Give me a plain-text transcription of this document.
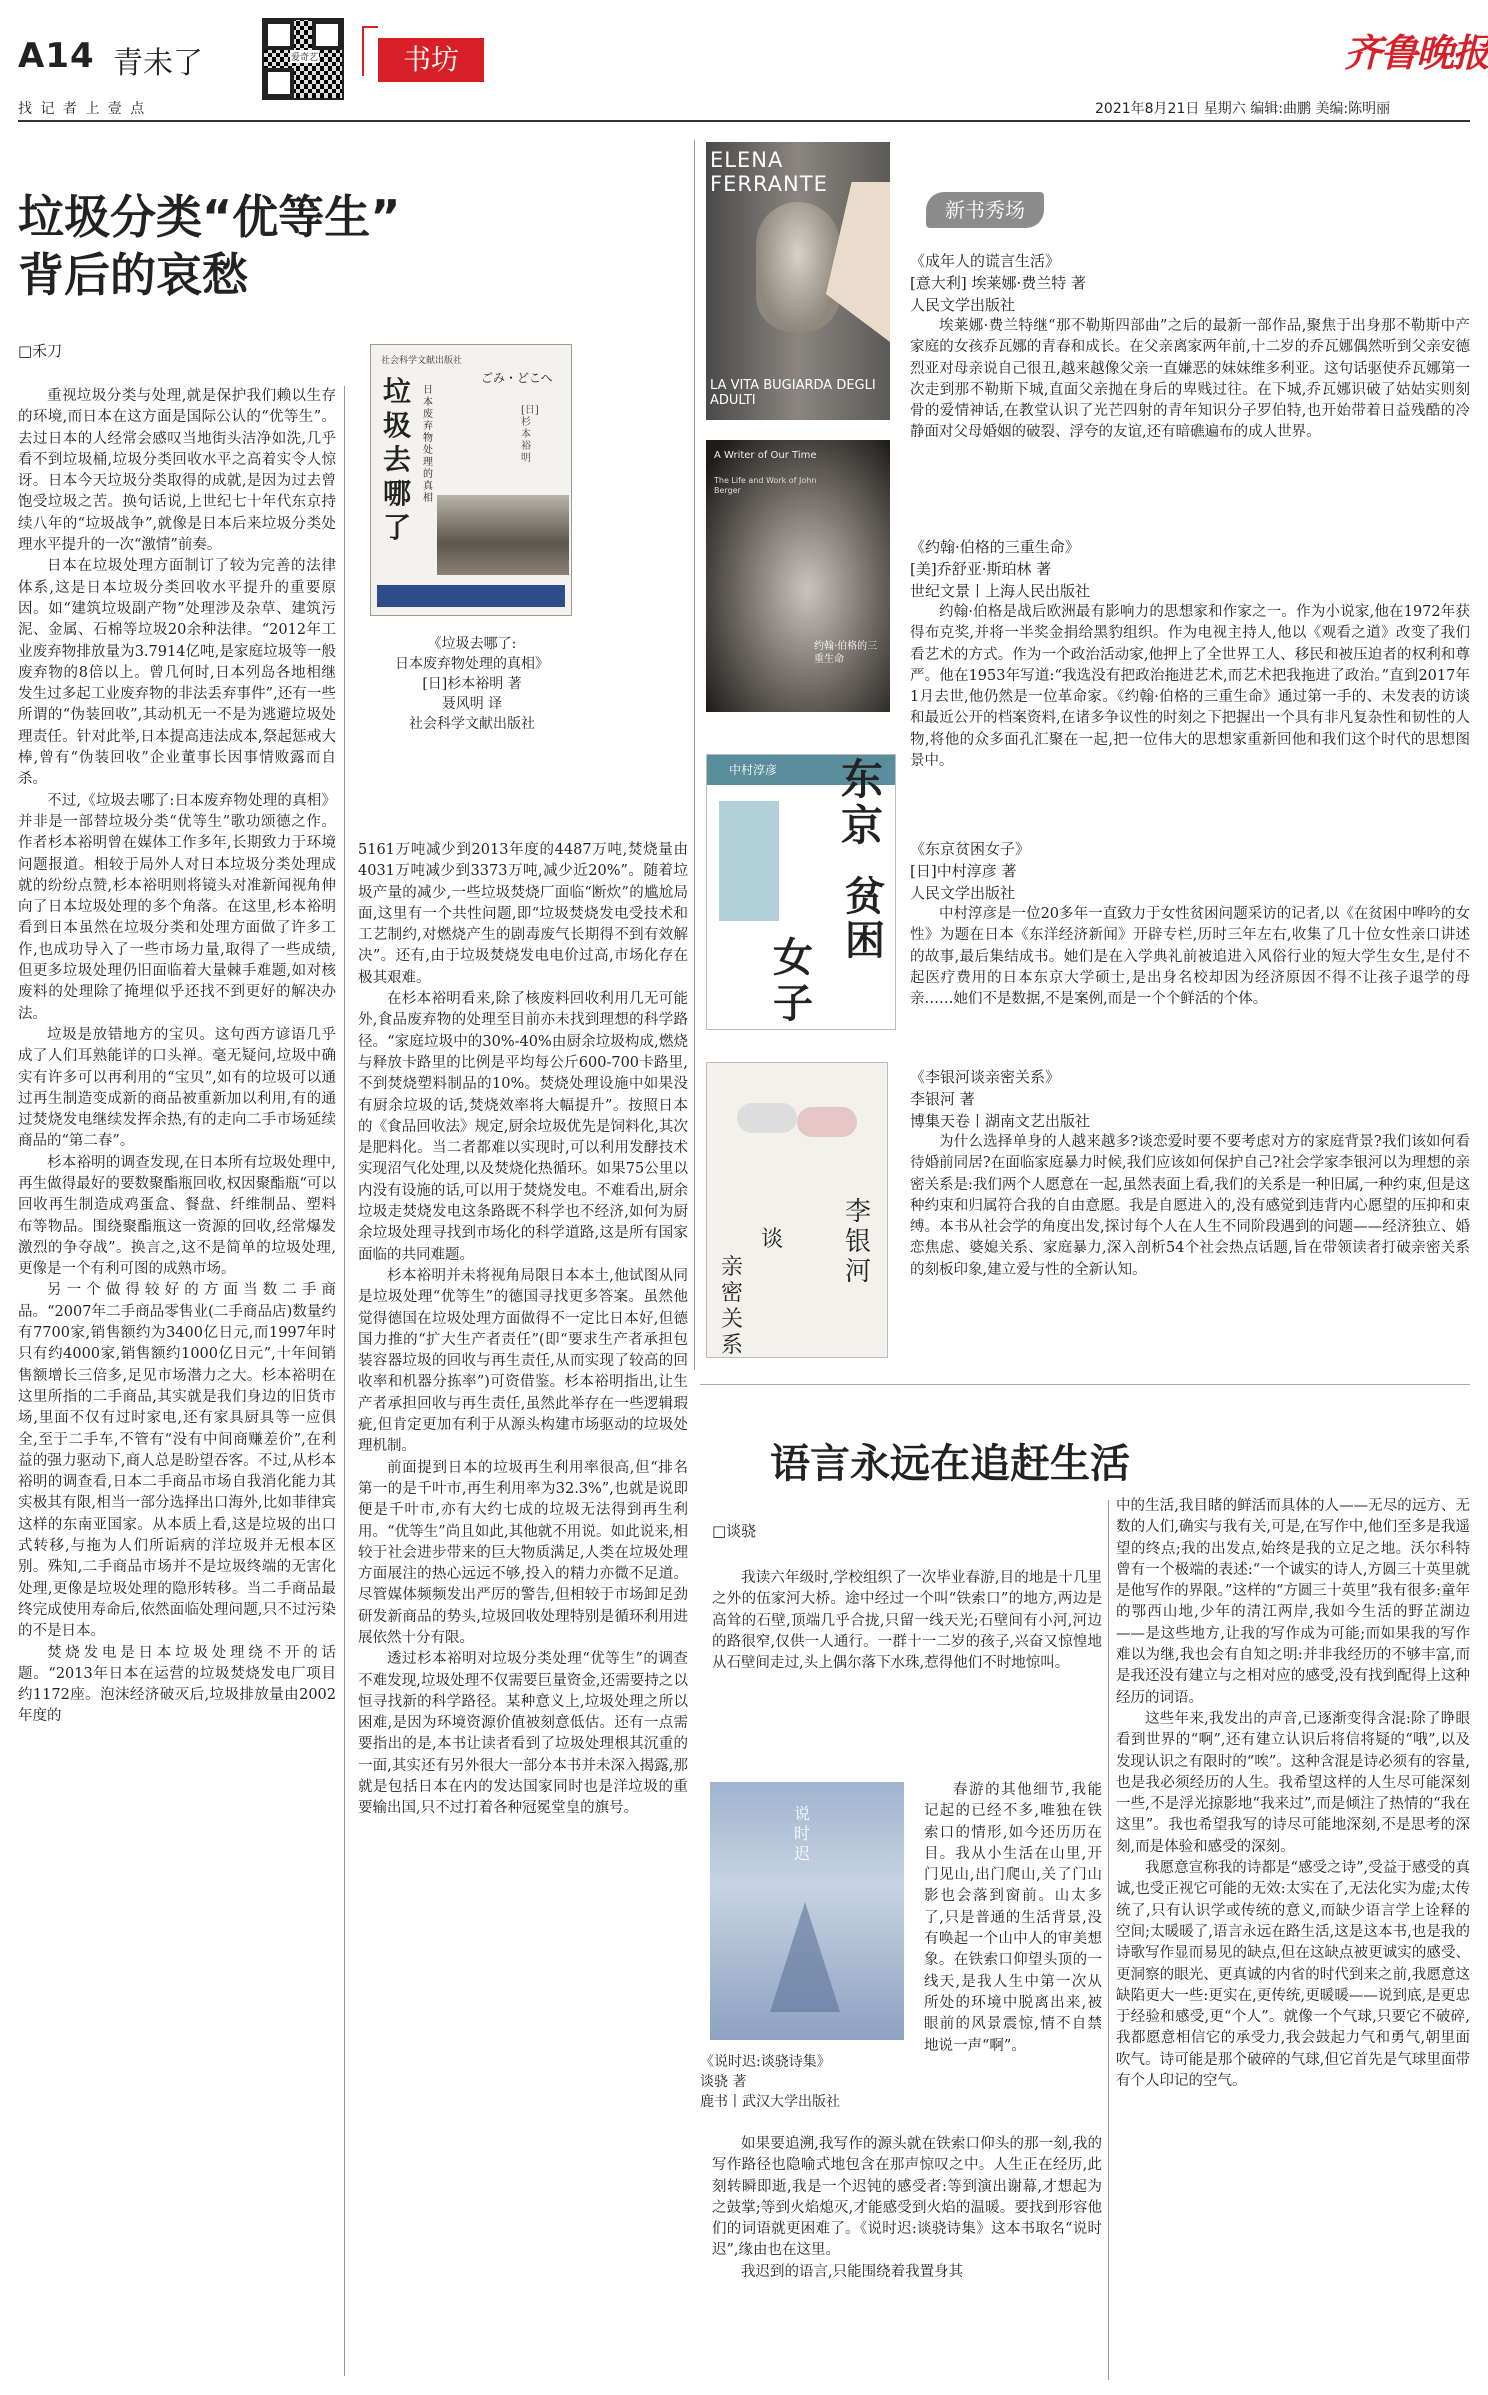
A14 青未了
找 记 者 上 壹 点
爱奇艺	书坊	齐鲁晚报
2021年8月21日 星期六 编辑:曲鹏 美编:陈明丽
垃圾分类“优等生”
背后的哀愁
□禾刀
社会科学文献出版社
垃圾去哪了
日本废弃物处理的真相
ごみ・どこへ
[日]杉本裕明
《垃圾去哪了:
日本废弃物处理的真相》
[日]杉本裕明 著
聂风明 译
社会科学文献出版社

重视垃圾分类与处理,就是保护我们赖以生存的环境,而日本在这方面是国际公认的“优等生”。去过日本的人经常会感叹当地街头洁净如洗,几乎看不到垃圾桶,垃圾分类回收水平之高着实令人惊讶。日本今天垃圾分类取得的成就,是因为过去曾饱受垃圾之苦。换句话说,上世纪七十年代东京持续八年的“垃圾战争”,就像是日本后来垃圾分类处理水平提升的一次“激情”前奏。

日本在垃圾处理方面制订了较为完善的法律体系,这是日本垃圾分类回收水平提升的重要原因。如“建筑垃圾副产物”处理涉及杂草、建筑污泥、金属、石棉等垃圾20余种法律。“2012年工业废弃物排放量为3.7914亿吨,是家庭垃圾等一般废弃物的8倍以上。曾几何时,日本列岛各地相继发生过多起工业废弃物的非法丢弃事件”,还有一些所谓的“伪装回收”,其动机无一不是为逃避垃圾处理责任。针对此举,日本提高违法成本,祭起惩戒大棒,曾有“伪装回收”企业董事长因事情败露而自杀。

不过,《垃圾去哪了:日本废弃物处理的真相》并非是一部替垃圾分类“优等生”歌功颂德之作。作者杉本裕明曾在媒体工作多年,长期致力于环境问题报道。相较于局外人对日本垃圾分类处理成就的纷纷点赞,杉本裕明则将镜头对准新闻视角伸向了日本垃圾处理的多个角落。在这里,杉本裕明看到日本虽然在垃圾分类和处理方面做了许多工作,也成功导入了一些市场力量,取得了一些成绩,但更多垃圾处理仍旧面临着大量棘手难题,如对核废料的处理除了掩埋似乎还找不到更好的解决办法。

垃圾是放错地方的宝贝。这句西方谚语几乎成了人们耳熟能详的口头禅。毫无疑问,垃圾中确实有许多可以再利用的“宝贝”,如有的垃圾可以通过再生制造变成新的商品被重新加以利用,有的通过焚烧发电继续发挥余热,有的走向二手市场延续商品的“第二春”。

杉本裕明的调查发现,在日本所有垃圾处理中,再生做得最好的要数聚酯瓶回收,权因聚酯瓶“可以回收再生制造成鸡蛋盒、餐盘、纤维制品、塑料布等物品。围绕聚酯瓶这一资源的回收,经常爆发激烈的争夺战”。换言之,这不是简单的垃圾处理,更像是一个有利可图的成熟市场。

另一个做得较好的方面当数二手商品。“2007年二手商品零售业(二手商品店)数量约有7700家,销售额约为3400亿日元,而1997年时只有约4000家,销售额约1000亿日元”,十年间销售额增长三倍多,足见市场潜力之大。杉本裕明在这里所指的二手商品,其实就是我们身边的旧货市场,里面不仅有过时家电,还有家具厨具等一应俱全,至于二手车,不管有“没有中间商赚差价”,在利益的强力驱动下,商人总是盼望吞客。不过,从杉本裕明的调查看,日本二手商品市场自我消化能力其实极其有限,相当一部分选择出口海外,比如菲律宾这样的东南亚国家。从本质上看,这是垃圾的出口式转移,与拖为人们所诟病的洋垃圾并无根本区别。殊知,二手商品市场并不是垃圾终端的无害化处理,更像是垃圾处理的隐形转移。当二手商品最终完成使用寿命后,依然面临处理问题,只不过污染的不是日本。

焚烧发电是日本垃圾处理绕不开的话题。“2013年日本在运营的垃圾焚烧发电厂项目约1172座。泡沫经济破灭后,垃圾排放量由2002年度的

5161万吨减少到2013年度的4487万吨,焚烧量由4031万吨减少到3373万吨,减少近20%”。随着垃圾产量的减少,一些垃圾焚烧厂面临“断炊”的尴尬局面,这里有一个共性问题,即“垃圾焚烧发电受技术和工艺制约,对燃烧产生的剧毒废气长期得不到有效解决”。还有,由于垃圾焚烧发电电价过高,市场化存在极其艰难。

在杉本裕明看来,除了核废料回收利用几无可能外,食品废弃物的处理至目前亦未找到理想的科学路径。“家庭垃圾中的30%-40%由厨余垃圾构成,燃烧与释放卡路里的比例是平均每公斤600-700卡路里,不到焚烧塑料制品的10%。焚烧处理设施中如果没有厨余垃圾的话,焚烧效率将大幅提升”。按照日本的《食品回收法》规定,厨余垃圾优先是饲料化,其次是肥料化。当二者都难以实现时,可以利用发酵技术实现沼气化处理,以及焚烧化热循环。如果75公里以内没有设施的话,可以用于焚烧发电。不难看出,厨余垃圾走焚烧发电这条路既不科学也不经济,如何为厨余垃圾处理寻找到市场化的科学道路,这是所有国家面临的共同难题。

杉本裕明并未将视角局限日本本土,他试图从同是垃圾处理“优等生”的德国寻找更多答案。虽然他觉得德国在垃圾处理方面做得不一定比日本好,但德国力推的“扩大生产者责任”(即“要求生产者承担包装容器垃圾的回收与再生责任,从而实现了较高的回收率和机器分拣率”)可资借鉴。杉本裕明指出,让生产者承担回收与再生责任,虽然此举存在一些逻辑瑕疵,但肯定更加有利于从源头构建市场驱动的垃圾处理机制。

前面提到日本的垃圾再生利用率很高,但“排名第一的是千叶市,再生利用率为32.3%”,也就是说即便是千叶市,亦有大约七成的垃圾无法得到再生利用。“优等生”尚且如此,其他就不用说。如此说来,相较于社会进步带来的巨大物质满足,人类在垃圾处理方面展注的热心远远不够,投入的精力亦微不足道。尽管媒体频频发出严厉的警告,但相较于市场卸足劲研发新商品的势头,垃圾回收处理特别是循环利用进展依然十分有限。

透过杉本裕明对垃圾分类处理“优等生”的调查不难发现,垃圾处理不仅需要巨量资金,还需要持之以恒寻找新的科学路径。某种意义上,垃圾处理之所以困难,是因为环境资源价值被刻意低估。还有一点需要指出的是,本书让读者看到了垃圾处理根其沉重的一面,其实还有另外很大一部分本书并未深入揭露,那就是包括日本在内的发达国家同时也是洋垃圾的重要输出国,只不过打着各种冠冕堂皇的旗号。

ELENA FERRANTE
LA VITA BUGIARDA DEGLI ADULTI
A Writer of Our Time
The Life and Work of John Berger
约翰·伯格的三重生命
中村淳彦 东京
贫困
女子
李银河
谈
亲密关系
新书秀场
《成年人的谎言生活》
[意大利] 埃莱娜·费兰特 著
人民文学出版社

埃莱娜·费兰特继“那不勒斯四部曲”之后的最新一部作品,聚焦于出身那不勒斯中产家庭的女孩乔瓦娜的青春和成长。在父亲离家两年前,十二岁的乔瓦娜偶然听到父亲安德烈亚对母亲说自己很丑,越来越像父亲一直嫌恶的妹妹维多利亚。这句话驱使乔瓦娜第一次走到那不勒斯下城,直面父亲抛在身后的卑贱过往。在下城,乔瓦娜识破了姑姑实则刻骨的爱情神话,在教堂认识了光芒四射的青年知识分子罗伯特,也开始带着日益残酷的冷静面对父母婚姻的破裂、浮夸的友谊,还有暗礁遍布的成人世界。

《约翰·伯格的三重生命》
[美]乔舒亚·斯珀林 著
世纪文景丨上海人民出版社

约翰·伯格是战后欧洲最有影响力的思想家和作家之一。作为小说家,他在1972年获得布克奖,并将一半奖金捐给黑豹组织。作为电视主持人,他以《观看之道》改变了我们看艺术的方式。作为一个政治活动家,他押上了全世界工人、移民和被压迫者的权利和尊严。他在1953年写道:“我选没有把政治拖进艺术,而艺术把我拖进了政治。”直到2017年1月去世,他仍然是一位革命家。《约翰·伯格的三重生命》通过第一手的、未发表的访谈和最近公开的档案资料,在诸多争议性的时刻之下把握出一个具有非凡复杂性和韧性的人物,将他的众多面孔汇聚在一起,把一位伟大的思想家重新回他和我们这个时代的思想图景中。

《东京贫困女子》
[日]中村淳彦 著
人民文学出版社

中村淳彦是一位20多年一直致力于女性贫困问题采访的记者,以《在贫困中哗吟的女性》为题在日本《东洋经济新闻》开辟专栏,历时三年左右,收集了几十位女性亲口讲述的故事,最后集结成书。她们是在入学典礼前被追进入风俗行业的短大学生女生,是付不起医疗费用的日本东京大学硕士,是出身名校却因为经济原因不得不让孩子退学的母亲……她们不是数据,不是案例,而是一个个鲜活的个体。

《李银河谈亲密关系》
李银河 著
博集天卷丨湖南文艺出版社

为什么选择单身的人越来越多?谈恋爱时要不要考虑对方的家庭背景?我们该如何看待婚前同居?在面临家庭暴力时候,我们应该如何保护自己?社会学家李银河以为理想的亲密关系是:我们两个人愿意在一起,虽然表面上看,我们的关系是一种旧属,一种约束,但是这种约束和归属符合我的自由意愿。我是自愿进入的,没有感觉到违背内心愿望的压抑和束缚。本书从社会学的角度出发,探讨每个人在人生不同阶段遇到的问题——经济独立、婚恋焦虑、婆媳关系、家庭暴力,深入剖析54个社会热点话题,旨在带领读者打破亲密关系的刻板印象,建立爱与性的全新认知。

语言永远在追赶生活
□谈骁

我读六年级时,学校组织了一次毕业春游,目的地是十几里之外的伍家河大桥。途中经过一个叫“铁索口”的地方,两边是高耸的石壁,顶端几乎合拢,只留一线天光;石壁间有小河,河边的路很窄,仅供一人通行。一群十一二岁的孩子,兴奋又惊惶地从石壁间走过,头上偶尔落下水珠,惹得他们不时地惊叫。

说时迟
《说时迟:谈骁诗集》
谈骁 著
鹿书丨武汉大学出版社

春游的其他细节,我能记起的已经不多,唯独在铁索口的情形,如今还历历在目。我从小生活在山里,开门见山,出门爬山,关了门山影也会落到窗前。山太多了,只是普通的生活背景,没有唤起一个山中人的审美想象。在铁索口仰望头顶的一线天,是我人生中第一次从所处的环境中脱离出来,被眼前的风景震惊,情不自禁地说一声“啊”。

如果要追溯,我写作的源头就在铁索口仰头的那一刻,我的写作路径也隐喻式地包含在那声惊叹之中。人生正在经历,此刻转瞬即逝,我是一个迟钝的感受者:等到演出谢幕,才想起为之鼓掌;等到火焰熄灭,才能感受到火焰的温暖。要找到形容他们的词语就更困难了。《说时迟:谈骁诗集》这本书取名“说时迟”,缘由也在这里。

我迟到的语言,只能围绕着我置身其

中的生活,我目睹的鲜活而具体的人——无尽的远方、无数的人们,确实与我有关,可是,在写作中,他们至多是我遥望的终点;我的出发点,始终是我的立足之地。沃尔科特曾有一个极端的表述:“一个诚实的诗人,方圆三十英里就是他写作的界限。”这样的“方圆三十英里”我有很多:童年的鄂西山地,少年的清江两岸,我如今生活的野芷湖边——是这些地方,让我的写作成为可能;而如果我的写作难以为继,我也会有自知之明:并非我经历的不够丰富,而是我还没有建立与之相对应的感受,没有找到配得上这种经历的词语。

这些年来,我发出的声音,已逐渐变得含混:除了睁眼看到世界的“啊”,还有建立认识后将信将疑的“哦”,以及发现认识之有限时的“唉”。这种含混是诗必须有的容量,也是我必须经历的人生。我希望这样的人生尽可能深刻一些,不是浮光掠影地“我来过”,而是倾注了热情的“我在这里”。我也希望我写的诗尽可能地深刻,不是思考的深刻,而是体验和感受的深刻。

我愿意宣称我的诗都是“感受之诗”,受益于感受的真诚,也受正视它可能的无效:太实在了,无法化实为虚;太传统了,只有认识学或传统的意义,而缺少语言学上诠释的空间;太暖暖了,语言永远在路生活,这是这本书,也是我的诗歌写作显而易见的缺点,但在这缺点被更诚实的感受、更洞察的眼光、更真诚的内省的时代到来之前,我愿意这缺陷更大一些:更实在,更传统,更暖暖——说到底,是更忠于经验和感受,更“个人”。就像一个气球,只要它不破碎,我都愿意相信它的承受力,我会鼓起力气和勇气,朝里面吹气。诗可能是那个破碎的气球,但它首先是气球里面带有个人印记的空气。
